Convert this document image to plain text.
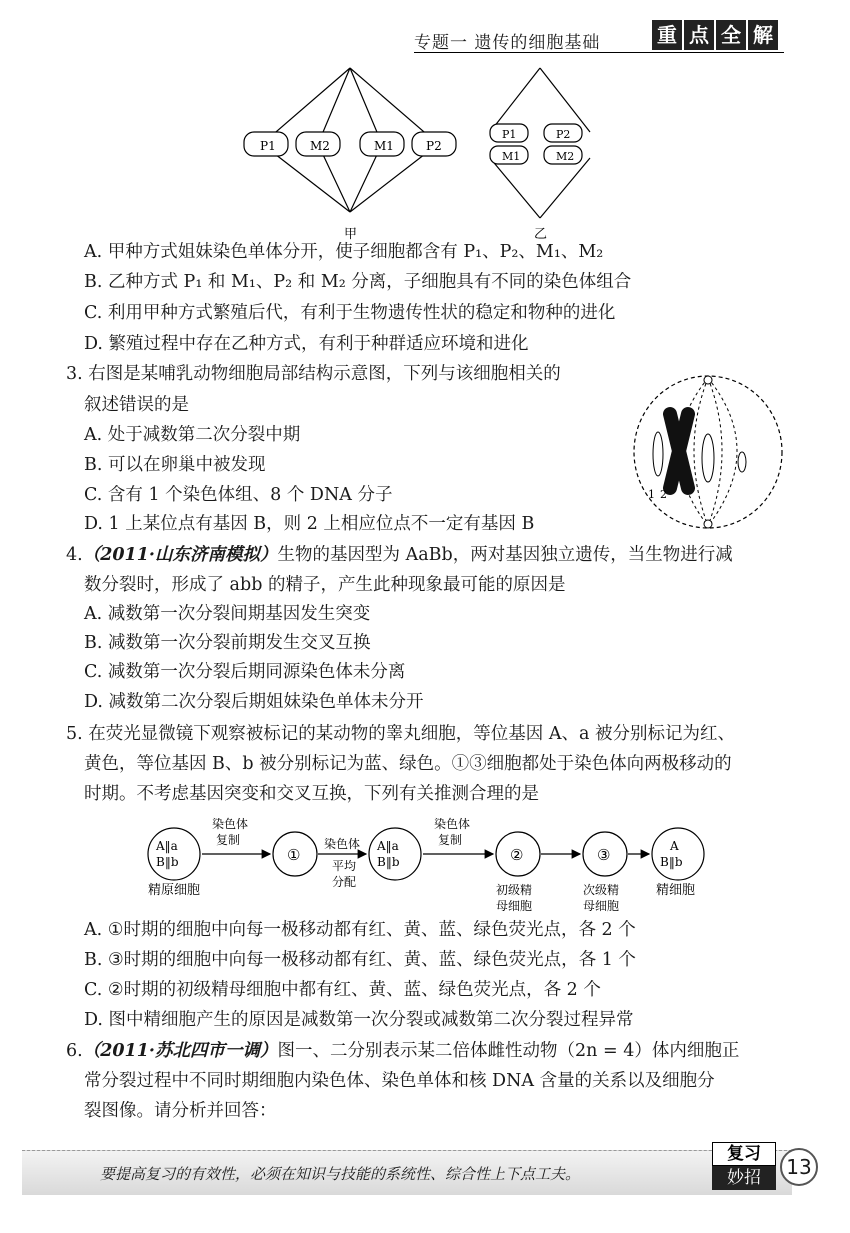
专题一 遗传的细胞基础	重 点 全 解
P1	M2	M1	P2
甲
P1	P2
M1	M2
乙
A. 甲种方式姐妹染色单体分开，使子细胞都含有 P₁、P₂、M₁、M₂
B. 乙种方式 P₁ 和 M₁、P₂ 和 M₂ 分离，子细胞具有不同的染色体组合
C. 利用甲种方式繁殖后代，有利于生物遗传性状的稳定和物种的进化
D. 繁殖过程中存在乙种方式，有利于种群适应环境和进化
3. 右图是某哺乳动物细胞局部结构示意图，下列与该细胞相关的
叙述错误的是
A. 处于减数第二次分裂中期
B. 可以在卵巢中被发现
C. 含有 1 个染色体组、8 个 DNA 分子
D. 1 上某位点有基因 B，则 2 上相应位点不一定有基因 B
1 2
4.（2011·山东济南模拟）生物的基因型为 AaBb，两对基因独立遗传，当生物进行减
数分裂时，形成了 abb 的精子，产生此种现象最可能的原因是
A. 减数第一次分裂间期基因发生突变
B. 减数第一次分裂前期发生交叉互换
C. 减数第一次分裂后期同源染色体未分离
D. 减数第二次分裂后期姐妹染色单体未分开
5. 在荧光显微镜下观察被标记的某动物的睾丸细胞，等位基因 A、a 被分别标记为红、
黄色，等位基因 B、b 被分别标记为蓝、绿色。①③细胞都处于染色体向两极移动的
时期。不考虑基因突变和交叉互换，下列有关推测合理的是
A‖a
B‖b
精原细胞
染色体
复制
①
染色体
平均
分配
A‖a
B‖b
染色体
复制
②
初级精
母细胞
③
次级精
母细胞
A
B‖b
精细胞
A. ①时期的细胞中向每一极移动都有红、黄、蓝、绿色荧光点，各 2 个
B. ③时期的细胞中向每一极移动都有红、黄、蓝、绿色荧光点，各 1 个
C. ②时期的初级精母细胞中都有红、黄、蓝、绿色荧光点，各 2 个
D. 图中精细胞产生的原因是减数第一次分裂或减数第二次分裂过程异常
6.（2011·苏北四市一调）图一、二分别表示某二倍体雌性动物（2n = 4）体内细胞正
常分裂过程中不同时期细胞内染色体、染色单体和核 DNA 含量的关系以及细胞分
裂图像。请分析并回答：
要提高复习的有效性，必须在知识与技能的系统性、综合性上下点工夫。
复习
妙招	13
